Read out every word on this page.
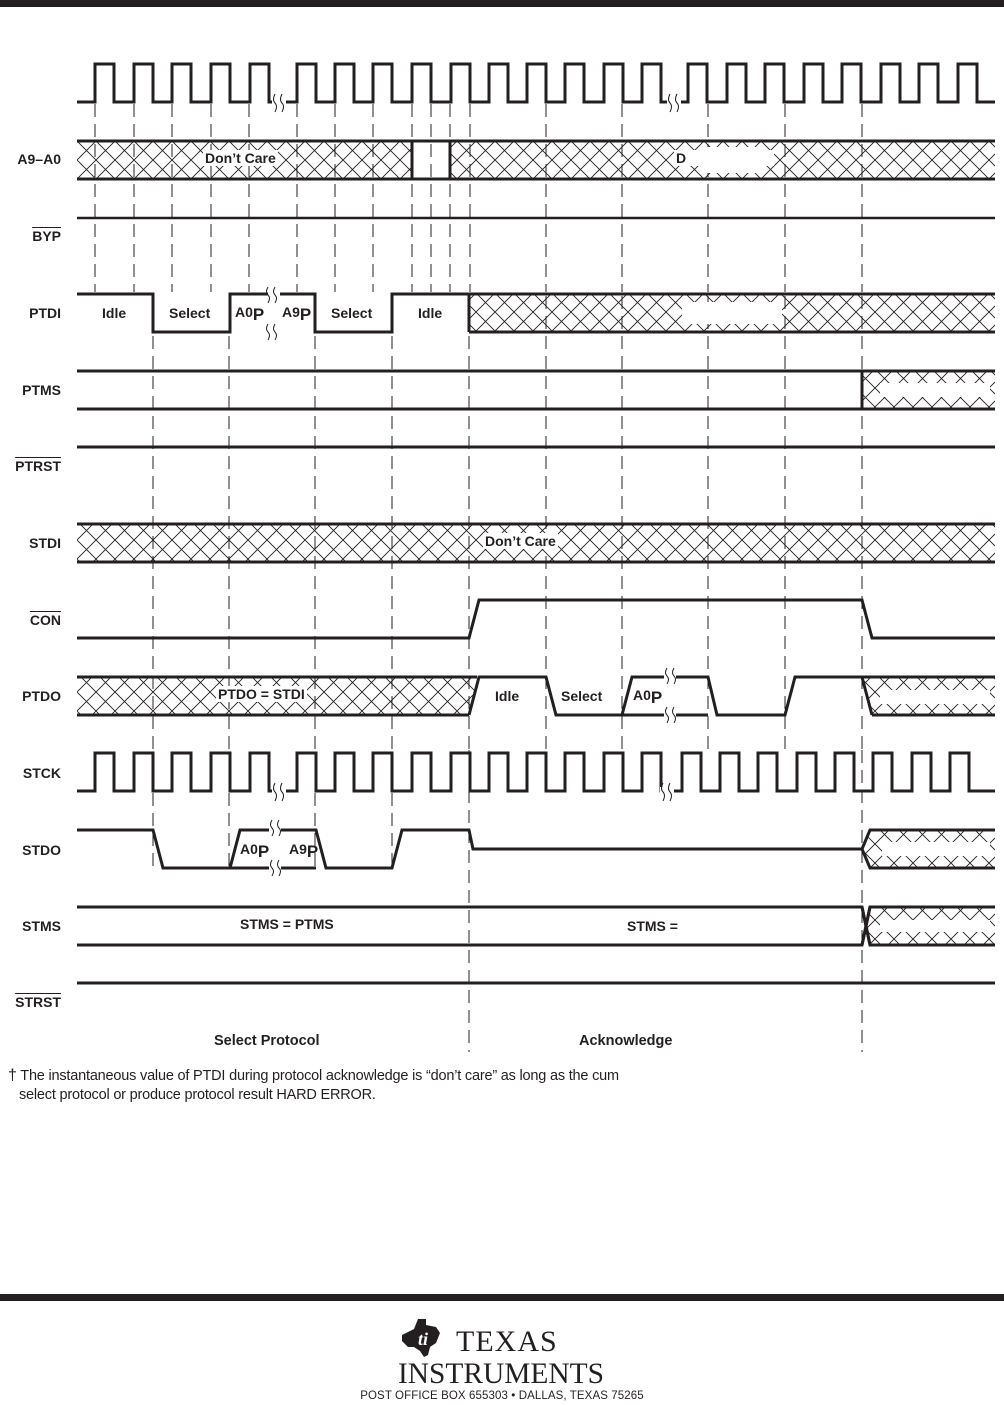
A9–A0
$\overline{BYP}$
PTDI
PTMS
PTRST
STDI
$\overline{CON}$
PTDO
STCK
STDO
STMS
STRST
Don’t Care	D
Idle	Select A0P A9P Select	Idle
Don’t Care
PTDO = STDI	Idle	Select A0P
A0P A9P
STMS = PTMS	STMS =
Select Protocol	Acknowledge
† The instantaneous value of PTDI during protocol acknowledge is “don’t care” as long as the cum
select protocol or produce protocol result HARD ERROR.
ti TEXAS
INSTRUMENTS
POST OFFICE BOX 655303 • DALLAS, TEXAS 75265
